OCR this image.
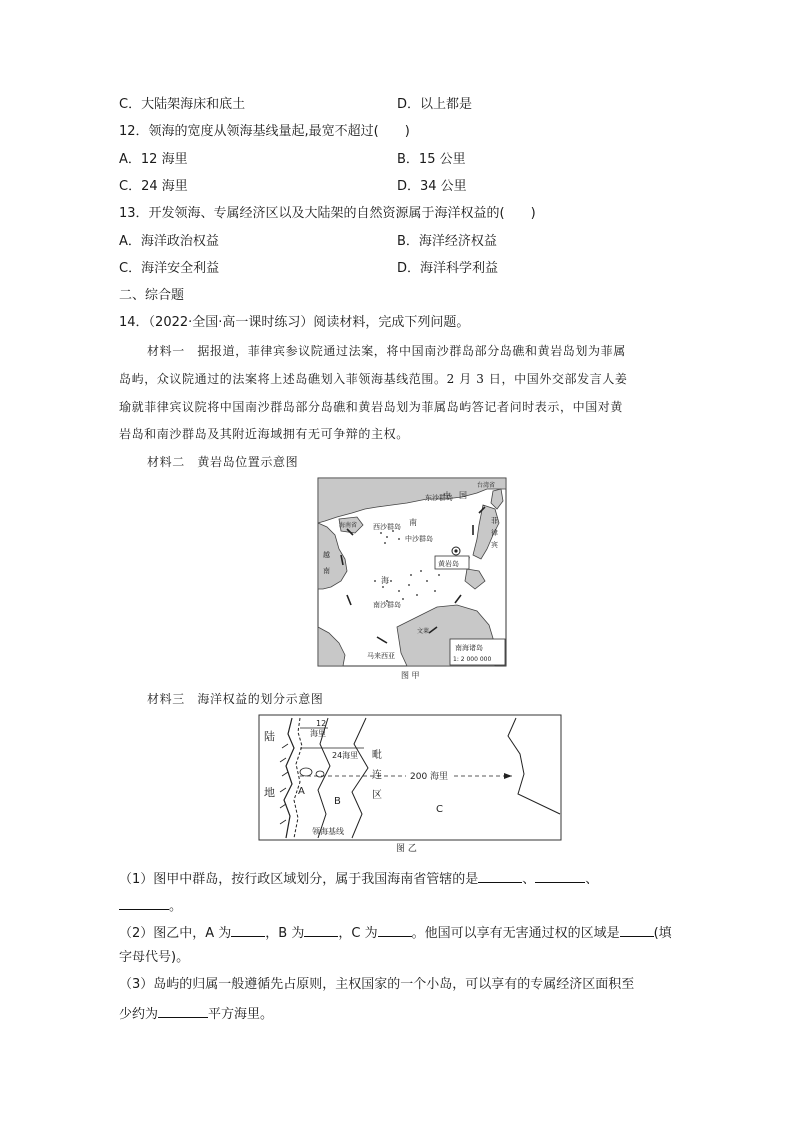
C．大陆架海床和底土	D．以上都是
12．领海的宽度从领海基线量起,最宽不超过(　　)
A．12 海里	B．15 公里
C．24 海里	D．34 公里
13．开发领海、专属经济区以及大陆架的自然资源属于海洋权益的(　　)
A．海洋政治权益	B．海洋经济权益
C．海洋安全利益	D．海洋科学利益
二、综合题
14．（2022·全国·高一课时练习）阅读材料，完成下列问题。
材料一　据报道，菲律宾参议院通过法案，将中国南沙群岛部分岛礁和黄岩岛划为菲属
岛屿，众议院通过的法案将上述岛礁划入菲领海基线范围。2 月 3 日，中国外交部发言人姜
瑜就菲律宾议院将中国南沙群岛部分岛礁和黄岩岛划为菲属岛屿答记者问时表示，中国对黄
岩岛和南沙群岛及其附近海域拥有无可争辩的主权。
材料二　黄岩岛位置示意图
中　国
台湾省
东沙群岛
海南省	南
西沙群岛
中沙群岛
黄岩岛
菲
律
宾
越
南
海
南沙群岛
文莱
马来西亚
南海诸岛
1: 2 000 000
图 甲
材料三　海洋权益的划分示意图
陆
地
12
海里
24海里 毗
连
区
200 海里
A
B
C
领海基线
图 乙
（1）图甲中群岛，按行政区域划分，属于我国海南省管辖的是	、	、
。
（2）图乙中，A 为	，B 为	，C 为	。他国可以享有无害通过权的区域是	(填
字母代号)。
（3）岛屿的归属一般遵循先占原则，主权国家的一个小岛，可以享有的专属经济区面积至
少约为	平方海里。
